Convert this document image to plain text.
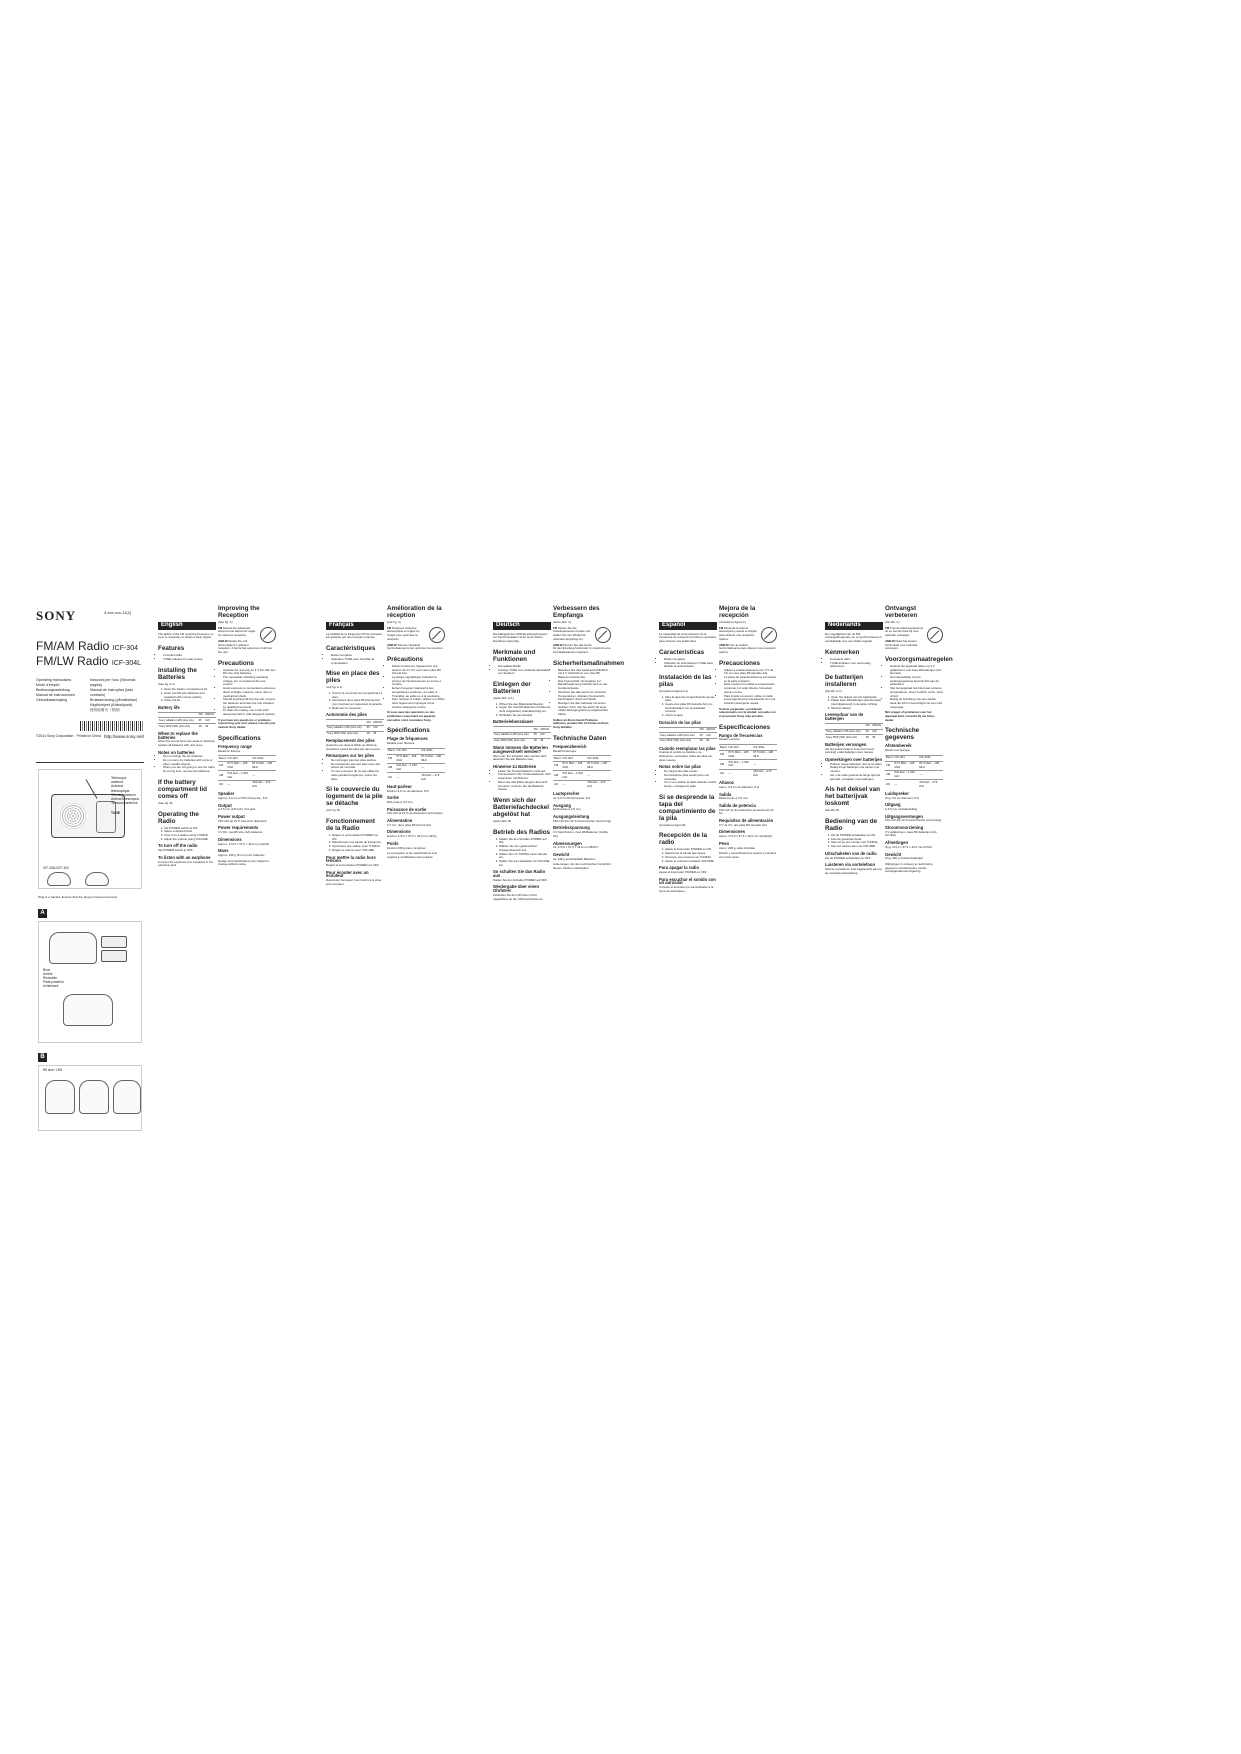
SONY	3-xxx-xxx-11(1)
FM/AM Radio ICF-304
FM/LW Radio ICF-304L
Operating Instructions
Mode d’emploi
Bedienungsanleitung
Manual de instrucciones
Gebruiksaanwijzing
Istruzioni per l’uso (Seconda pagina)
Manual de instruções (lado contrário)
Bruksanvisning (på baksidan)
Käyttöohjeet (Kääntöpuoli)
使用说明书（背面）
©2014 Sony Corporation Printed in China http://www.sony.net/
Telescopic antenna
Antenne télescopique
Teleskopantenne
Antena telescópica
Telescoopantenne
TUNE
ICF-304L/ICF-304
Plug is a hazard. Ensure that the plug is inserted securely.
A
Rear
Arrière
Rückseite
Parte posterior
Achterkant
B
R6 size / LR6
English

The ability of the FM receiving frequency to sync is necessary to obtain a clear signal.

Features
• Compact radio
• TUNE indicator for easy tuning
Installing the Batteries

(See fig. A-1)

1. Open the battery compartment lid.
2. Insert two R6 size batteries (not supplied) with correct polarity.
3. Close the lid.
Battery life
	FM	AM/LW
Sony alkaline LR6 (size AA)	45	110
Sony R6P (SR) (size AA)	18	45
When to replace the batteries

When the sound becomes weak or distorted, replace all batteries with new ones.

Notes on batteries
• Do not charge the dry batteries.
• Do not carry dry batteries with coins or other metallic objects.
• When you are not going to use the radio for a long time, remove the batteries.
If the battery compartment lid comes off

(See fig. B)

Operating the Radio
1. Set POWER switch to ON.
2. Select a desired band.
3. Tune in to a station using TUNING.
4. Adjust the volume using VOLUME.
To turn off the radio

Set POWER switch to OFF.

To listen with an earphone

Connect the earphone (not supplied) to the earphone jack.

Improving the Reception

(See fig. C)

FM Extend the telescopic antenna and adjust the angle for optimum reception.

AM/LW Rotate the unit horizontally for optimum reception. A ferrite bar antenna is built into the unit.

Precautions
• Operate the unit only on 3 V DC with two R6 size (AA) batteries.
• The nameplate indicating operating voltage, etc. is located at the rear exterior.
• Avoid exposure to temperature extremes, direct sunlight, moisture, sand, dust or mechanical shock.
• Should anything fall into the unit, remove the batteries and have the unit checked by qualified personnel.
• To clean the casing, use a soft cloth dampened with a mild detergent solution.

If you have any questions or problems concerning your unit, please consult your nearest Sony dealer.

Specifications
Frequency range

Model for Europe

Band	ICF-304	ICF-304L
FM	87.5 MHz – 108 MHz	87.5 MHz – 108 MHz
AM	531 kHz – 1 602 kHz	—
LW	—	153 kHz – 279 kHz
Speaker

Approx. 6.6 cm (2 5/8 inches) dia., 8 Ω

Output

ø 3.5 mm (1/8 inch) mini jack

Power output

150 mW (at 10 % harmonic distortion)

Power requirements

3 V DC, two R6 size (AA) batteries

Dimensions

Approx. 174.0 × 97.5 × 46.0 mm (w/h/d)

Mass

Approx. 238 g (8.4 oz) incl. batteries

Design and specifications are subject to change without notice.

Français

La stabilité de la fréquence FM de réception est garantie par une réception précise.

Caractéristiques
• Radio compacte
• Indicateur TUNE pour simplifier la syntonisation
Mise en place des piles

(voir fig. A-1)

1. Ouvrez le couvercle du compartiment à piles.
2. Introduisez deux piles R6 (format AA) (non fournies) en respectant la polarité.
3. Refermez le couvercle.
Autonomie des piles
	FM	AM/LW
Sony alkaline LR6 (size AA)	45	110
Sony R6P (SR) (size AA)	18	45
Remplacement des piles

Quand le son devient faible ou déformé, remplacez toutes les piles par des neuves.

Remarques sur les piles
• Ne rechargez pas des piles sèches.
• Ne transportez pas des piles avec des pièces de monnaie.
• Si vous prévoyez de ne pas utiliser la radio pendant longtemps, retirez les piles.
Si le couvercle du logement de la pile se détache

(voir fig. B)

Fonctionnement de la Radio
1. Réglez le commutateur POWER sur ON.
2. Sélectionnez une bande de fréquence.
3. Syntonisez une station avec TUNING.
4. Réglez le volume avec VOLUME.
Pour mettre la radio hors tension

Réglez le commutateur POWER sur OFF.

Pour écouter avec un écouteur

Raccordez l’écouteur (non fourni) à la prise pour écouteur.

Amélioration de la réception

(voir fig. C)

FM Déployez l’antenne télescopique et réglez-en l’angle pour optimiser la réception.

AM/LW Tournez l’appareil horizontalement pour optimiser la réception.

Précautions
• Faites fonctionner l’appareil sur une tension de 3 V CC avec deux piles R6 (format AA).
• La plaque signalétique indiquant la tension de fonctionnement se trouve à l’arrière.
• Évitez d’exposer l’appareil à des températures extrêmes, au soleil, à l’humidité, au sable ou à la poussière.
• Pour nettoyer le boîtier, utilisez un chiffon doux légèrement imprégné d’une solution détergente neutre.

Si vous avez des questions ou des problèmes concernant cet appareil, consultez votre revendeur Sony.

Spécifications
Plage de fréquences

Modèle pour l’Europe

Band	ICF-304	ICF-304L
FM	87.5 MHz – 108 MHz	87.5 MHz – 108 MHz
AM	531 kHz – 1 602 kHz	—
LW	—	153 kHz – 279 kHz
Haut-parleur

Environ 6,6 cm de diamètre, 8 Ω

Sortie

Mini-prise ø 3,5 mm

Puissance de sortie

150 mW (à 10 % de distorsion harmonique)

Alimentation

3 V CC, deux piles R6 (format AA)

Dimensions

Environ 174,0 × 97,5 × 46,0 mm (l/h/p)

Poids

Environ 238 g piles comprises

La conception et les spécifications sont sujettes à modification sans préavis.

Deutsch

Die Fähigkeit der UKW-Empfangsfrequenz zur Synchronisation ist für einen klaren Empfang notwendig.

Merkmale und Funktionen
• Kompaktes Radio
• Anzeige TUNE zum einfachen Einstellen von Sendern
Einlegen der Batterien

(siehe Abb. A-1)

1. Öffnen Sie den Batteriefachdeckel.
2. Legen Sie zwei R6-Batterien (Größe AA, nicht mitgeliefert) polaritätsrichtig ein.
3. Schließen Sie den Deckel.
Batterielebensdauer
	FM	AM/LW
Sony alkaline LR6 (size AA)	45	110
Sony R6P (SR) (size AA)	18	45
Wann müssen die Batterien ausgewechselt werden?

Wenn der Ton schwach oder verzerrt wird, tauschen Sie alle Batterien aus.

Hinweise zu Batterien
• Laden Sie Trockenbatterien nicht auf.
• Transportieren Sie Trockenbatterien nicht zusammen mit Münzen.
• Wenn Sie das Radio längere Zeit nicht benutzen, nehmen Sie die Batterien heraus.
Wenn sich der Batteriefachdeckel abgelöst hat

(siehe Abb. B)

Betrieb des Radios
1. Stellen Sie den Schalter POWER auf ON.
2. Wählen Sie den gewünschten Frequenzbereich aus.
3. Stellen Sie mit TUNING einen Sender ein.
4. Stellen Sie die Lautstärke mit VOLUME ein.
So schalten Sie das Radio aus

Stellen Sie den Schalter POWER auf OFF.

Wiedergabe über einen Ohrhörer

Schließen Sie den Ohrhörer (nicht mitgeliefert) an die Ohrhörerbuchse an.

Verbessern des Empfangs

(siehe Abb. C)

FM Ziehen Sie die Teleskopantenne heraus und stellen Sie den Winkel für optimalen Empfang ein.

AM/LW Drehen Sie das Gerät für den Empfang horizontal. Im Gerät ist eine Ferritstabantenne integriert.

Sicherheitsmaßnahmen
• Betreiben Sie das Gerät ausschließlich mit 3 V Gleichstrom von zwei R6-Batterien (Größe AA).
• Das Typenschild mit Angaben zur Betriebsspannung befindet sich an der Geräterückseite.
• Schützen Sie das Gerät vor extremen Temperaturen, direktem Sonnenlicht, Feuchtigkeit, Sand und Staub.
• Reinigen Sie das Gehäuse mit einem weichen Tuch, das Sie leicht mit einer milden Reinigungslösung angefeuchtet haben.

Sollten an Ihrem Gerät Probleme auftreten, wenden Sie sich bitte an Ihren Sony-Händler.

Technische Daten
Frequenzbereich

Modell für Europa

Band	ICF-304	ICF-304L
FM	87.5 MHz – 108 MHz	87.5 MHz – 108 MHz
AM	531 kHz – 1 602 kHz	—
LW	—	153 kHz – 279 kHz
Lautsprecher

ca. 6,6 cm Durchmesser, 8 Ω

Ausgang

Minibuchse ø 3,5 mm

Ausgangsleistung

150 mW (bei 10 % harmonischer Verzerrung)

Betriebsspannung

3 V Gleichstrom, zwei R6-Batterien (Größe AA)

Abmessungen

ca. 174,0 × 97,5 × 46,0 mm (B/H/T)

Gewicht

ca. 238 g einschließlich Batterien

Änderungen, die dem technischen Fortschritt dienen, bleiben vorbehalten.

Español

La capacidad de sincronización de la frecuencia de recepción de FM es necesaria para obtener una señal clara.

Características
• Radio compacta
• Indicador de sintonización TUNE para facilitar la sintonización
Instalación de las pilas

(consulte la figura A-1)

1. Abra la tapa del compartimiento de las pilas.
2. Inserte dos pilas R6 (tamaño AA) (no suministradas) con la polaridad correcta.
3. Cierre la tapa.
Duración de las pilas
	FM	AM/LW
Sony alkaline LR6 (size AA)	45	110
Sony R6P (SR) (size AA)	18	45
Cuándo reemplazar las pilas

Cuando el sonido se debilite o se distorsione, reemplace todas las pilas por otras nuevas.

Notas sobre las pilas
• No cargue las pilas secas.
• No transporte pilas secas junto con monedas.
• Si no va a utilizar la radio durante mucho tiempo, extraiga las pilas.
Si se desprende la tapa del compartimiento de la pila

(consulte la figura B)

Recepción de la radio
1. Ajuste el interruptor POWER en ON.
2. Seleccione la banda que desee.
3. Sintonice una emisora con TUNING.
4. Ajuste el volumen mediante VOLUME.
Para apagar la radio

Ajuste el interruptor POWER en OFF.

Para escuchar el sonido con un auricular

Conecte el auricular (no suministrado) a la toma de auriculares.

Mejora de la recepción

(consulte la figura C)

FM Extienda la antena telescópica y ajuste el ángulo para obtener una recepción óptima.

AM/LW Gire la unidad horizontalmente para obtener una recepción óptima.

Precauciones
• Utilice la unidad solamente con 3 V de CC con dos pilas R6 (tamaño AA).
• La placa de características se encuentra en la parte posterior.
• Evite exponer la unidad a temperaturas extremas, luz solar directa, humedad, arena o polvo.
• Para limpiar el exterior, utilice un paño suave ligeramente humedecido con una solución detergente neutra.

Si tiene preguntas o problemas relacionados con la unidad, consulte con el proveedor Sony más próximo.

Especificaciones
Rango de frecuencias

Modelo europeo

Band	ICF-304	ICF-304L
FM	87.5 MHz – 108 MHz	87.5 MHz – 108 MHz
AM	531 kHz – 1 602 kHz	—
LW	—	153 kHz – 279 kHz
Altavoz

Aprox. 6,6 cm de diámetro, 8 Ω

Salida

Minitoma de ø 3,5 mm

Salida de potencia

150 mW (a una distorsión armónica del 10 %)

Requisitos de alimentación

3 V de CC, dos pilas R6 (tamaño AA)

Dimensiones

Aprox. 174,0 × 97,5 × 46,0 mm (an/al/prf)

Peso

Aprox. 238 g, pilas incluidas

Diseño y especificaciones sujetos a cambios sin previo aviso.

Nederlands

De mogelijkheid van de FM-ontvangstfrequentie om te synchroniseren is noodzakelijk voor een helder signaal.

Kenmerken
• Compacte radio
• TUNE-indicator voor eenvoudig afstemmen
De batterijen installeren

(Zie afb. A-1)

1. Open het deksel van het batterijvak.
2. Plaats twee R6-batterijen (AA-formaat) (niet bijgeleverd) in de juiste richting.
3. Sluit het deksel.
Levensduur van de batterijen
	FM	AM/LW
Sony alkaline LR6 (size AA)	45	110
Sony R6P (SR) (size AA)	18	45
Batterijen vervangen

Als het geluid zwak of vervormd wordt, vervangt u alle batterijen door nieuwe.

Opmerkingen over batterijen
• Probeer droge batterijen niet op te laden.
• Draag droge batterijen niet samen met munten.
• Als u de radio gedurende lange tijd niet gebruikt, verwijdert u de batterijen.
Als het deksel van het batterijvak loskomt

(Zie afb. B)

Bediening van de Radio
1. Zet de POWER-schakelaar op ON.
2. Kies de gewenste band.
3. Stem af op een zender met TUNING.
4. Pas het volume aan met VOLUME.
Uitschakelen van de radio

Zet de POWER-schakelaar op OFF.

Luisteren via oortelefoon

Sluit de oortelefoon (niet bijgeleverd) aan op de oortelefoonaansluiting.

Ontvangst verbeteren

(Zie afb. C)

FM Trek de telescoopantenne uit en stel de hoek bij voor optimale ontvangst.

AM/LW Draai het toestel horizontaal voor optimale ontvangst.

Voorzorgsmaatregelen
• Gebruik het apparaat alleen op 3 V gelijkstroom met twee R6-batterijen (AA-formaat).
• Het naamplaatje met de werkingsspanning bevindt zich aan de achterkant.
• Stel het apparaat niet bloot aan extreme temperaturen, direct zonlicht, vocht, zand of stof.
• Reinig de behuizing met een zachte doek die licht is bevochtigd met een mild zeepsopje.

Met vragen of problemen over het apparaat kunt u terecht bij uw Sony-dealer.

Technische gegevens
Afstembereik

Model voor Europa

Band	ICF-304	ICF-304L
FM	87.5 MHz – 108 MHz	87.5 MHz – 108 MHz
AM	531 kHz – 1 602 kHz	—
LW	—	153 kHz – 279 kHz
Luidspreker

Ong. 6,6 cm diameter, 8 Ω

Uitgang

ø 3,5 mm miniaansluiting

Uitgangsvermogen

150 mW (bij 10 % harmonische vervorming)

Stroomvoorziening

3 V gelijkstroom, twee R6-batterijen (AA-formaat)

Afmetingen

Ong. 174,0 × 97,5 × 46,0 mm (b/h/d)

Gewicht

Ong. 238 g inclusief batterijen

Wijzigingen in ontwerp en technische gegevens voorbehouden zonder voorafgaande kennisgeving.
